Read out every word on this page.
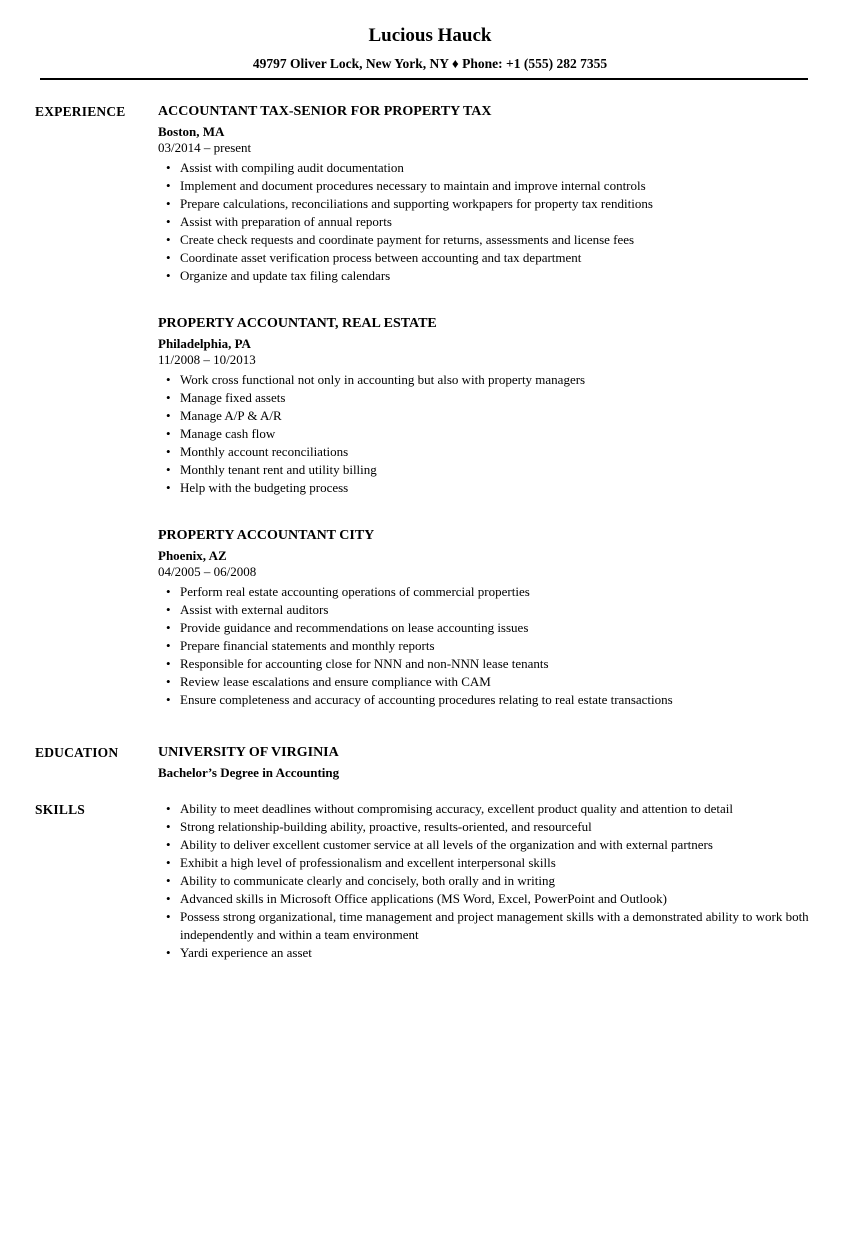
Lucious Hauck
49797 Oliver Lock, New York, NY ♦ Phone: +1 (555) 282 7355
EXPERIENCE	ACCOUNTANT TAX-SENIOR FOR PROPERTY TAX
Boston, MA
03/2014 – present
• Assist with compiling audit documentation
• Implement and document procedures necessary to maintain and improve internal controls
• Prepare calculations, reconciliations and supporting workpapers for property tax renditions
• Assist with preparation of annual reports
• Create check requests and coordinate payment for returns, assessments and license fees
• Coordinate asset verification process between accounting and tax department
• Organize and update tax filing calendars
PROPERTY ACCOUNTANT, REAL ESTATE
Philadelphia, PA
11/2008 – 10/2013
• Work cross functional not only in accounting but also with property managers
• Manage fixed assets
• Manage A/P & A/R
• Manage cash flow
• Monthly account reconciliations
• Monthly tenant rent and utility billing
• Help with the budgeting process
PROPERTY ACCOUNTANT CITY
Phoenix, AZ
04/2005 – 06/2008
• Perform real estate accounting operations of commercial properties
• Assist with external auditors
• Provide guidance and recommendations on lease accounting issues
• Prepare financial statements and monthly reports
• Responsible for accounting close for NNN and non-NNN lease tenants
• Review lease escalations and ensure compliance with CAM
• Ensure completeness and accuracy of accounting procedures relating to real estate transactions
EDUCATION	UNIVERSITY OF VIRGINIA
Bachelor’s Degree in Accounting
SKILLS	• Ability to meet deadlines without compromising accuracy, excellent product quality and attention to detail
• Strong relationship-building ability, proactive, results-oriented, and resourceful
• Ability to deliver excellent customer service at all levels of the organization and with external partners
• Exhibit a high level of professionalism and excellent interpersonal skills
• Ability to communicate clearly and concisely, both orally and in writing
• Advanced skills in Microsoft Office applications (MS Word, Excel, PowerPoint and Outlook)
• Possess strong organizational, time management and project management skills with a demonstrated ability to work both independently and within a team environment
• Yardi experience an asset
